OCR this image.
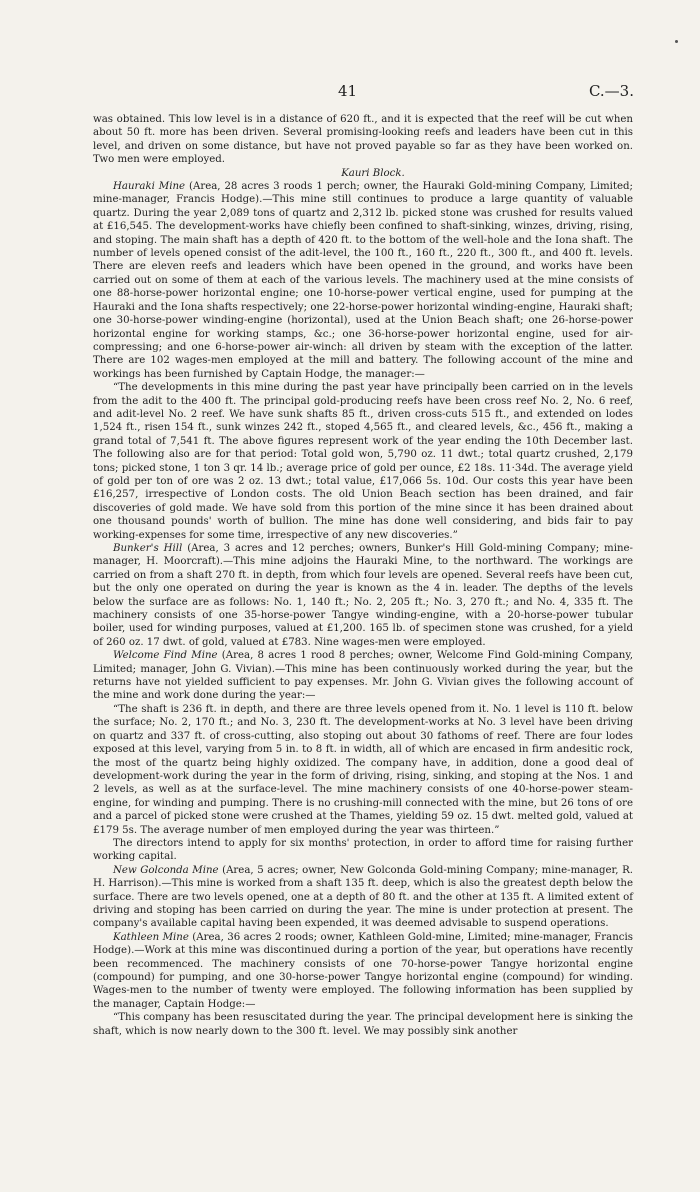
41	C.—3.

was obtained. This low level is in a distance of 620 ft., and it is expected that the reef will be cut when about 50 ft. more has been driven. Several promising-looking reefs and leaders have been cut in this level, and driven on some distance, but have not proved payable so far as they have been worked on. Two men were employed.

Kauri Block.

Hauraki Mine (Area, 28 acres 3 roods 1 perch; owner, the Hauraki Gold-mining Company, Limited; mine-manager, Francis Hodge).—This mine still continues to produce a large quantity of valuable quartz. During the year 2,089 tons of quartz and 2,312 lb. picked stone was crushed for results valued at £16,545. The development-works have chiefly been confined to shaft-sinking, winzes, driving, rising, and stoping. The main shaft has a depth of 420 ft. to the bottom of the well-hole and the Iona shaft. The number of levels opened consist of the adit-level, the 100 ft., 160 ft., 220 ft., 300 ft., and 400 ft. levels. There are eleven reefs and leaders which have been opened in the ground, and works have been carried out on some of them at each of the various levels. The machinery used at the mine consists of one 88-horse-power horizontal engine; one 10-horse-power vertical engine, used for pumping at the Hauraki and the Iona shafts respectively; one 22-horse-power horizontal winding-engine, Hauraki shaft; one 30-horse-power winding-engine (horizontal), used at the Union Beach shaft; one 26-horse-power horizontal engine for working stamps, &c.; one 36-horse-power horizontal engine, used for air-compressing; and one 6-horse-power air-winch: all driven by steam with the exception of the latter. There are 102 wages-men employed at the mill and battery. The following account of the mine and workings has been furnished by Captain Hodge, the manager:—

“The developments in this mine during the past year have principally been carried on in the levels from the adit to the 400 ft. The principal gold-producing reefs have been cross reef No. 2, No. 6 reef, and adit-level No. 2 reef. We have sunk shafts 85 ft., driven cross-cuts 515 ft., and extended on lodes 1,524 ft., risen 154 ft., sunk winzes 242 ft., stoped 4,565 ft., and cleared levels, &c., 456 ft., making a grand total of 7,541 ft. The above figures represent work of the year ending the 10th December last. The following also are for that period: Total gold won, 5,790 oz. 11 dwt.; total quartz crushed, 2,179 tons; picked stone, 1 ton 3 qr. 14 lb.; average price of gold per ounce, £2 18s. 11·34d. The average yield of gold per ton of ore was 2 oz. 13 dwt.; total value, £17,066 5s. 10d. Our costs this year have been £16,257, irrespective of London costs. The old Union Beach section has been drained, and fair discoveries of gold made. We have sold from this portion of the mine since it has been drained about one thousand pounds' worth of bullion. The mine has done well considering, and bids fair to pay working-expenses for some time, irrespective of any new discoveries.”

Bunker's Hill (Area, 3 acres and 12 perches; owners, Bunker's Hill Gold-mining Company; mine-manager, H. Moorcraft).—This mine adjoins the Hauraki Mine, to the northward. The workings are carried on from a shaft 270 ft. in depth, from which four levels are opened. Several reefs have been cut, but the only one operated on during the year is known as the 4 in. leader. The depths of the levels below the surface are as follows: No. 1, 140 ft.; No. 2, 205 ft.; No. 3, 270 ft.; and No. 4, 335 ft. The machinery consists of one 35-horse-power Tangye winding-engine, with a 20-horse-power tubular boiler, used for winding purposes, valued at £1,200. 165 lb. of specimen stone was crushed, for a yield of 260 oz. 17 dwt. of gold, valued at £783. Nine wages-men were employed.

Welcome Find Mine (Area, 8 acres 1 rood 8 perches; owner, Welcome Find Gold-mining Company, Limited; manager, John G. Vivian).—This mine has been continuously worked during the year, but the returns have not yielded sufficient to pay expenses. Mr. John G. Vivian gives the following account of the mine and work done during the year:—

“The shaft is 236 ft. in depth, and there are three levels opened from it. No. 1 level is 110 ft. below the surface; No. 2, 170 ft.; and No. 3, 230 ft. The development-works at No. 3 level have been driving on quartz and 337 ft. of cross-cutting, also stoping out about 30 fathoms of reef. There are four lodes exposed at this level, varying from 5 in. to 8 ft. in width, all of which are encased in firm andesitic rock, the most of the quartz being highly oxidized. The company have, in addition, done a good deal of development-work during the year in the form of driving, rising, sinking, and stoping at the Nos. 1 and 2 levels, as well as at the surface-level. The mine machinery consists of one 40-horse-power steam-engine, for winding and pumping. There is no crushing-mill connected with the mine, but 26 tons of ore and a parcel of picked stone were crushed at the Thames, yielding 59 oz. 15 dwt. melted gold, valued at £179 5s. The average number of men employed during the year was thirteen.”

The directors intend to apply for six months' protection, in order to afford time for raising further working capital.

New Golconda Mine (Area, 5 acres; owner, New Golconda Gold-mining Company; mine-manager, R. H. Harrison).—This mine is worked from a shaft 135 ft. deep, which is also the greatest depth below the surface. There are two levels opened, one at a depth of 80 ft. and the other at 135 ft. A limited extent of driving and stoping has been carried on during the year. The mine is under protection at present. The company's available capital having been expended, it was deemed advisable to suspend operations.

Kathleen Mine (Area, 36 acres 2 roods; owner, Kathleen Gold-mine, Limited; mine-manager, Francis Hodge).—Work at this mine was discontinued during a portion of the year, but operations have recently been recommenced. The machinery consists of one 70-horse-power Tangye horizontal engine (compound) for pumping, and one 30-horse-power Tangye horizontal engine (compound) for winding. Wages-men to the number of twenty were employed. The following information has been supplied by the manager, Captain Hodge:—

“This company has been resuscitated during the year. The principal development here is sinking the shaft, which is now nearly down to the 300 ft. level. We may possibly sink another
